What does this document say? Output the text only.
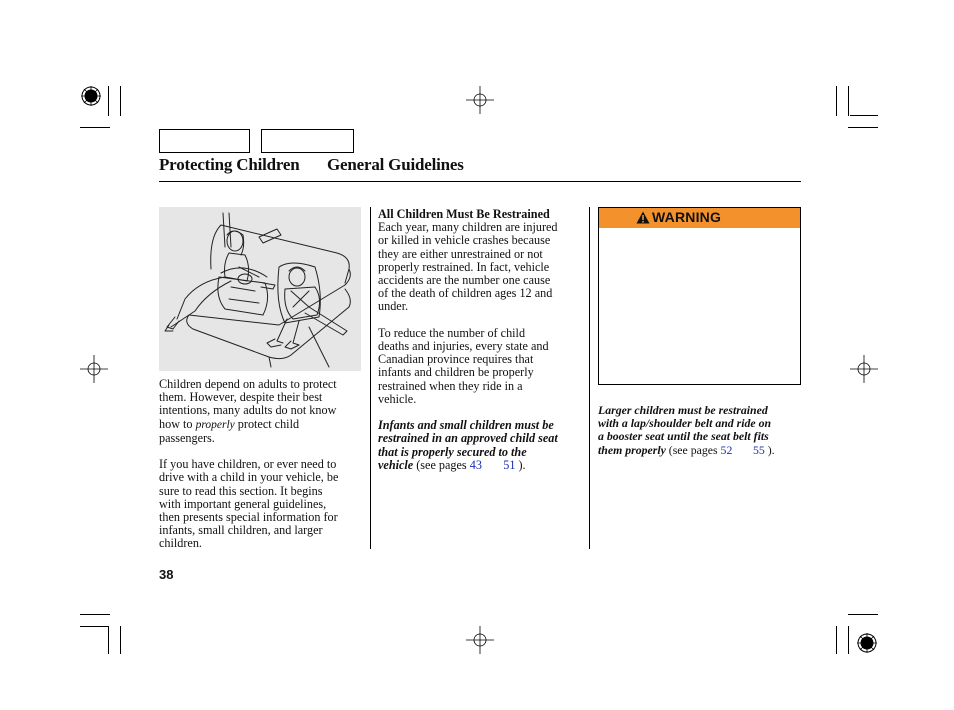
Protecting Children General Guidelines

Children depend on adults to protect
them. However, despite their best
intentions, many adults do not know
how to properly protect child
passengers.

If you have children, or ever need to
drive with a child in your vehicle, be
sure to read this section. It begins
with important general guidelines,
then presents special information for
infants, small children, and larger
children.

All Children Must Be Restrained
Each year, many children are injured
or killed in vehicle crashes because
they are either unrestrained or not
properly restrained. In fact, vehicle
accidents are the number one cause
of the death of children ages 12 and
under.

To reduce the number of child
deaths and injuries, every state and
Canadian province requires that
infants and children be properly
restrained when they ride in a
vehicle.

Infants and small children must be
restrained in an approved child seat
that is properly secured to the
vehicle (see pages 43 51 ).

WARNING

Larger children must be restrained
with a lap/shoulder belt and ride on
a booster seat until the seat belt fits
them properly (see pages 52 55 ).

38
